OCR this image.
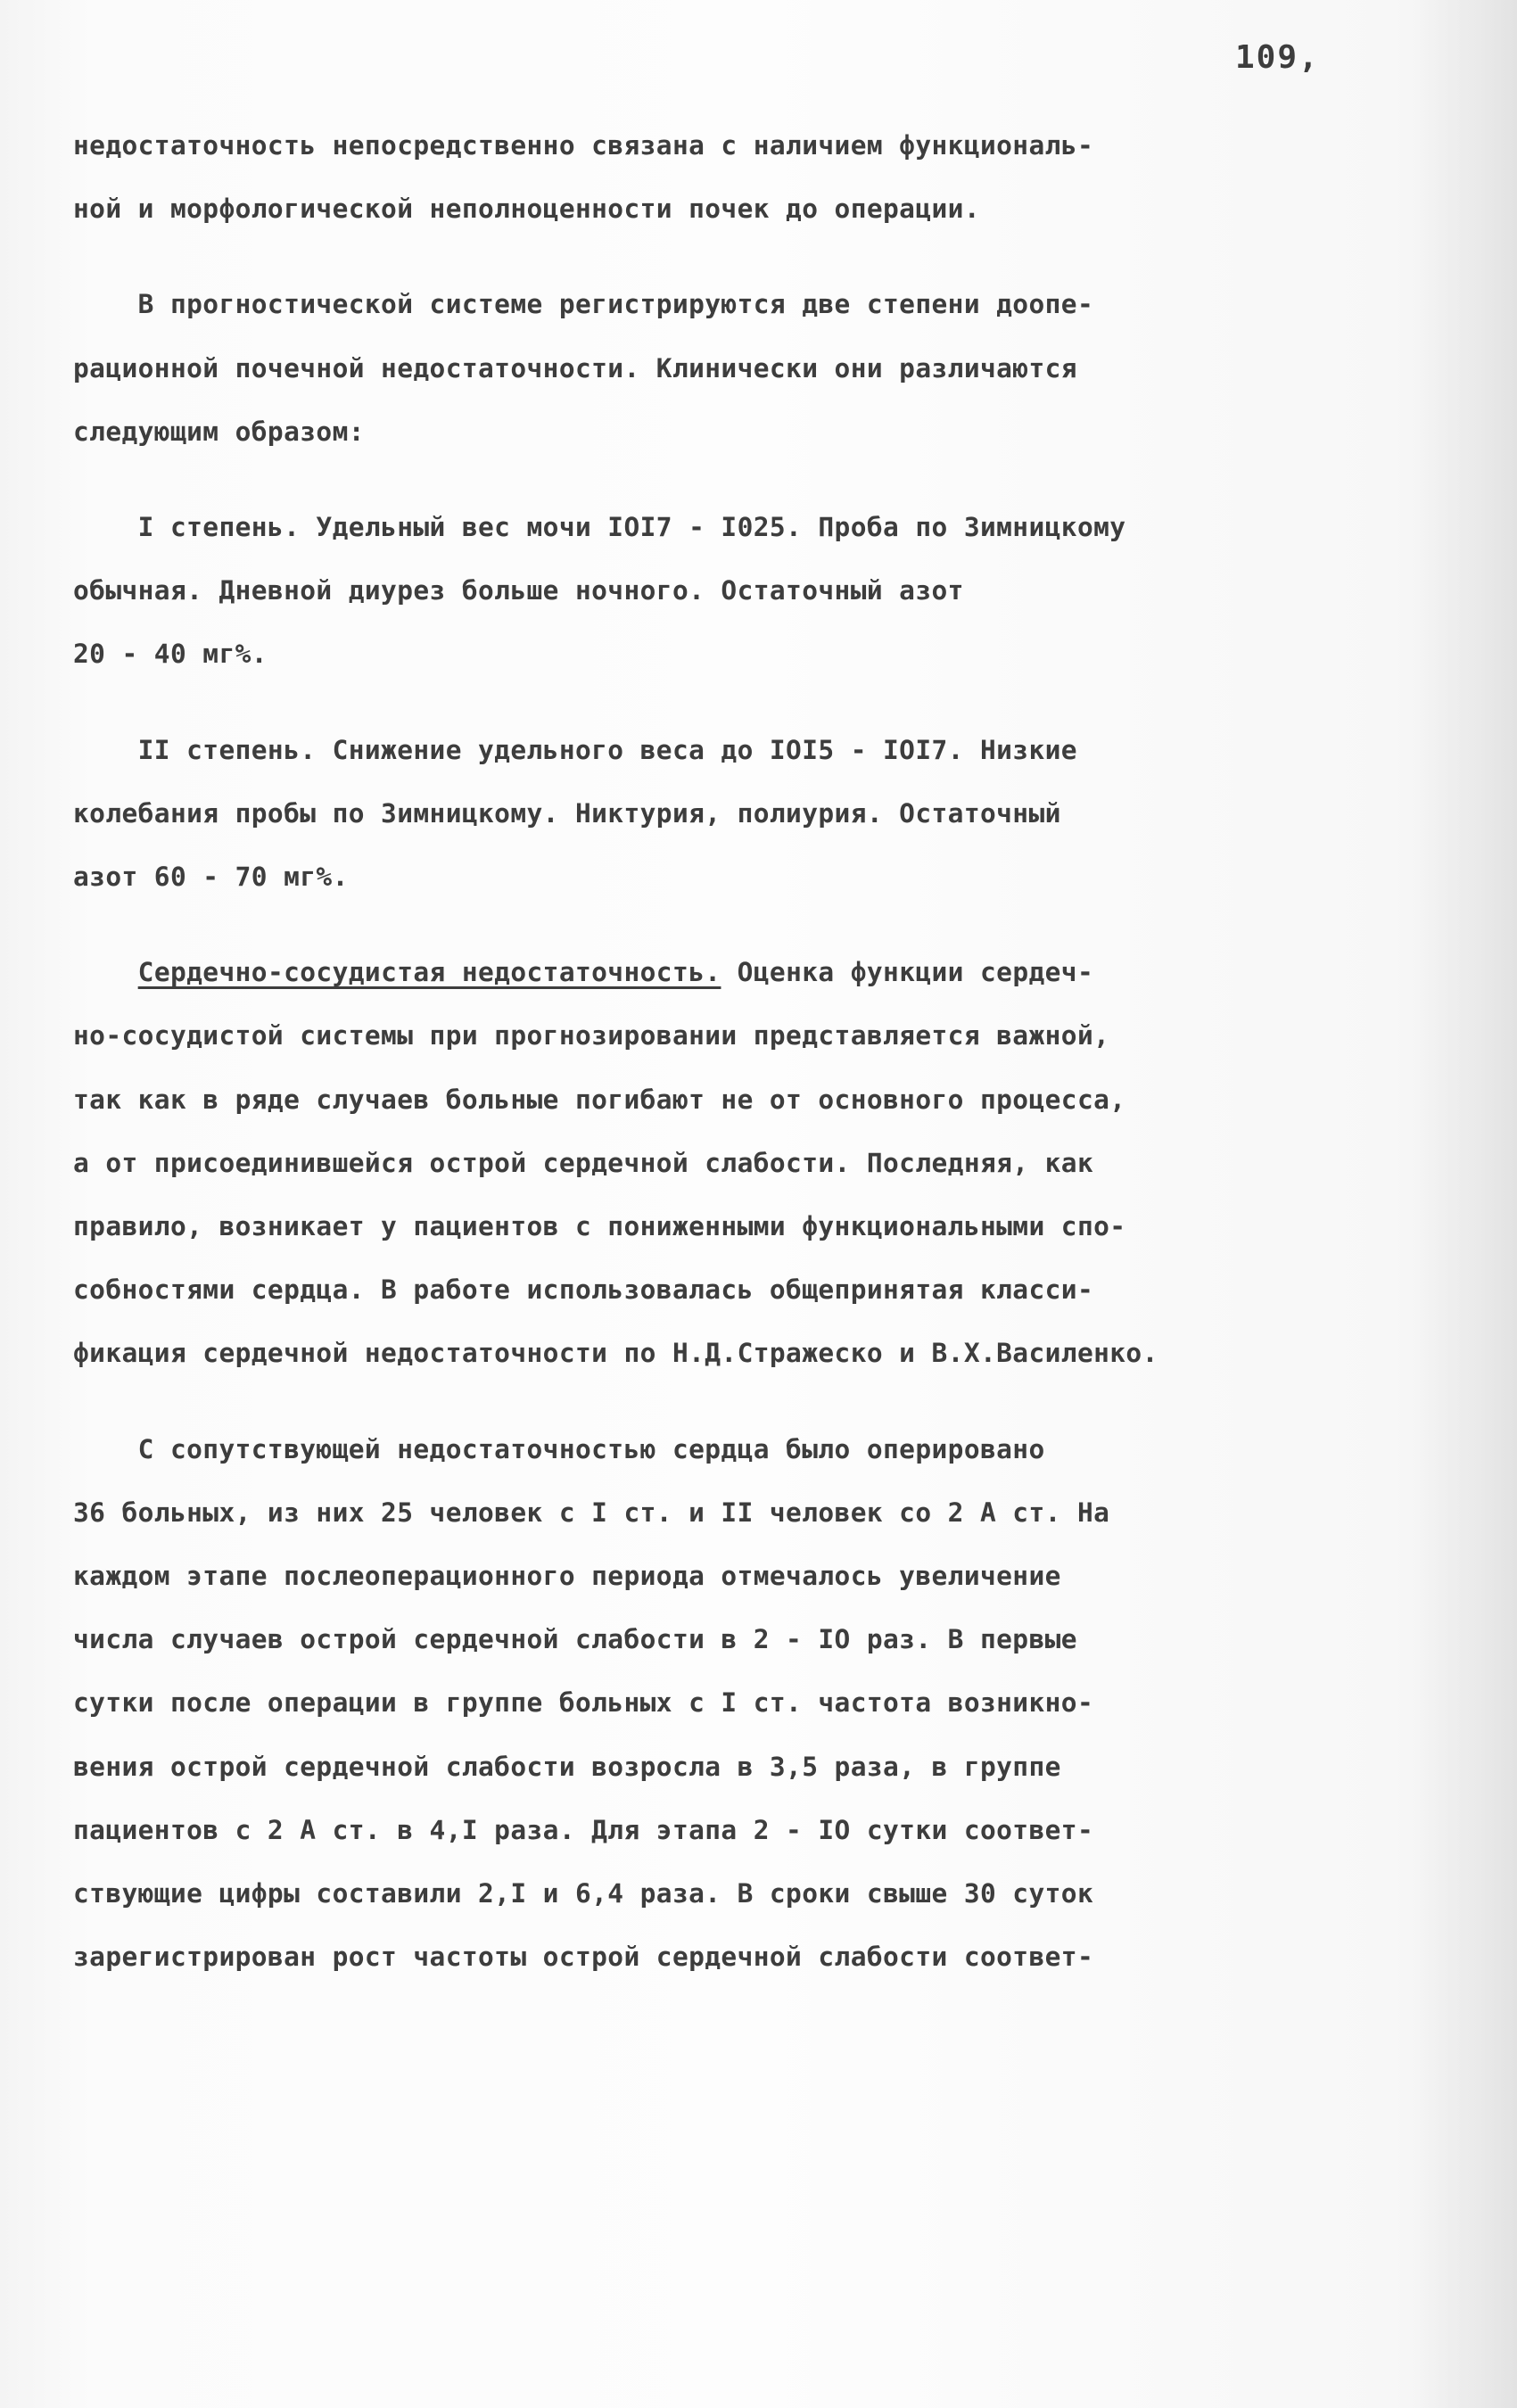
109,

недостаточность непосредственно связана с наличием функциональ-

ной и морфологической неполноценности почек до операции.

В прогностической системе регистрируются две степени доопе-

рационной почечной недостаточности. Клинически они различаются

следующим образом:

I степень. Удельный вес мочи IOI7 - I025. Проба по Зимницкому

обычная. Дневной диурез больше ночного. Остаточный азот

20 - 40 мг%.

II степень. Снижение удельного веса до IOI5 - IOI7. Низкие

колебания пробы по Зимницкому. Никтурия, полиурия. Остаточный

азот 60 - 70 мг%.

Сердечно-сосудистая недостаточность. Оценка функции сердеч-

но-сосудистой системы при прогнозировании представляется важной,

так как в ряде случаев больные погибают не от основного процесса,

а от присоединившейся острой сердечной слабости. Последняя, как

правило, возникает у пациентов с пониженными функциональными спо-

собностями сердца. В работе использовалась общепринятая класси-

фикация сердечной недостаточности по Н.Д.Стражеско и В.Х.Василенко.

С сопутствующей недостаточностью сердца было оперировано

36 больных, из них 25 человек с I ст. и II человек со 2 А ст. На

каждом этапе послеоперационного периода отмечалось увеличение

числа случаев острой сердечной слабости в 2 - IO раз. В первые

сутки после операции в группе больных с I ст. частота возникно-

вения острой сердечной слабости возросла в 3,5 раза, в группе

пациентов с 2 А ст. в 4,I раза. Для этапа 2 - IO сутки соответ-

ствующие цифры составили 2,I и 6,4 раза. В сроки свыше 30 суток

зарегистрирован рост частоты острой сердечной слабости соответ-
